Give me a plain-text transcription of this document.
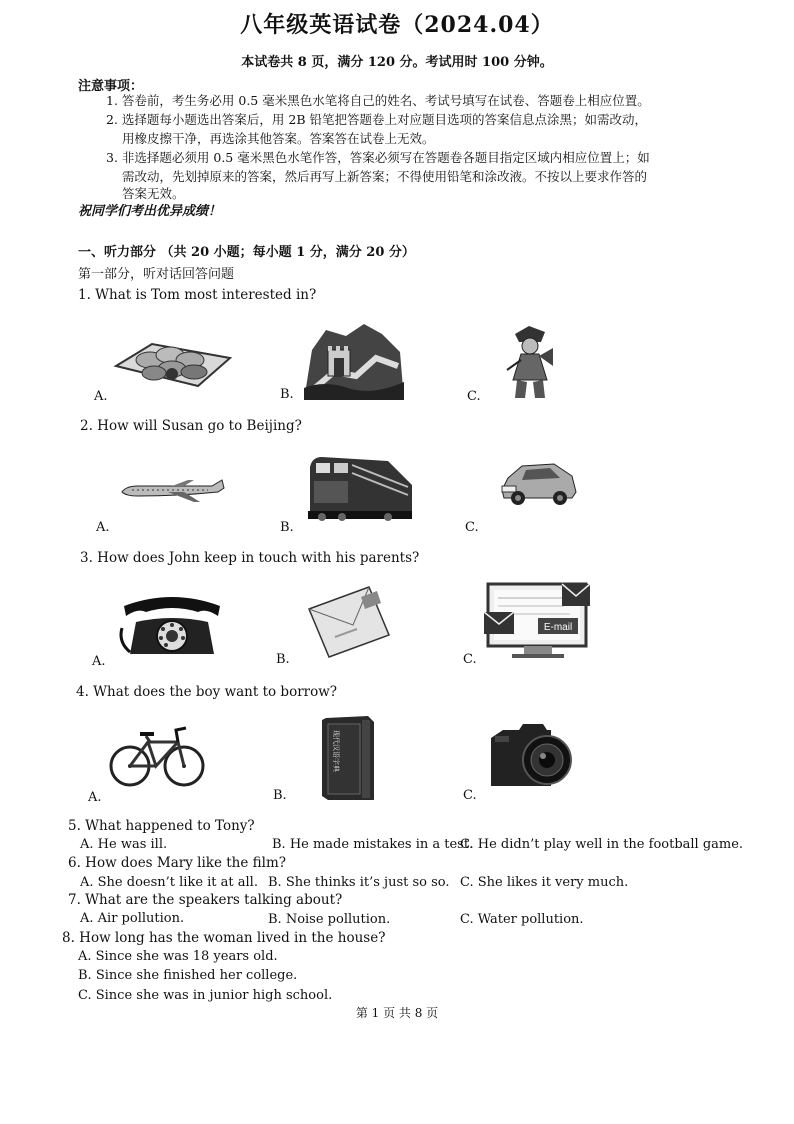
八年级英语试卷（2024.04）
本试卷共 8 页，满分 120 分。考试用时 100 分钟。
注意事项：
1. 答卷前，考生务必用 0.5 毫米黑色水笔将自己的姓名、考试号填写在试卷、答题卷上相应位置。
2. 选择题每小题选出答案后，用 2B 铅笔把答题卷上对应题目选项的答案信息点涂黑；如需改动，
用橡皮擦干净，再选涂其他答案。答案答在试卷上无效。
3. 非选择题必须用 0.5 毫米黑色水笔作答，答案必须写在答题卷各题目指定区域内相应位置上；如
需改动，先划掉原来的答案，然后再写上新答案；不得使用铅笔和涂改液。不按以上要求作答的
答案无效。
祝同学们考出优异成绩！
一、听力部分 （共 20 小题；每小题 1 分，满分 20 分）
第一部分，听对话回答问题
1. What is Tom most interested in?
A.	B.	C.
2. How will Susan go to Beijing?
A.	B.	C.
3. How does John keep in touch with his parents?
A.	B.	C.
E-mail
4. What does the boy want to borrow?
A.	B.	C.
现代汉语字典
5. What happened to Tony?
A. He was ill.	B. He made mistakes in a test.
C. He didn’t play well in the football game.
6. How does Mary like the film?
A. She doesn’t like it at all. B. She thinks it’s just so so. C. She likes it very much.
7. What are the speakers talking about?
A. Air pollution.	B. Noise pollution.	C. Water pollution.
8. How long has the woman lived in the house?
A. Since she was 18 years old.
B. Since she finished her college.
C. Since she was in junior high school.
第 1 页 共 8 页
